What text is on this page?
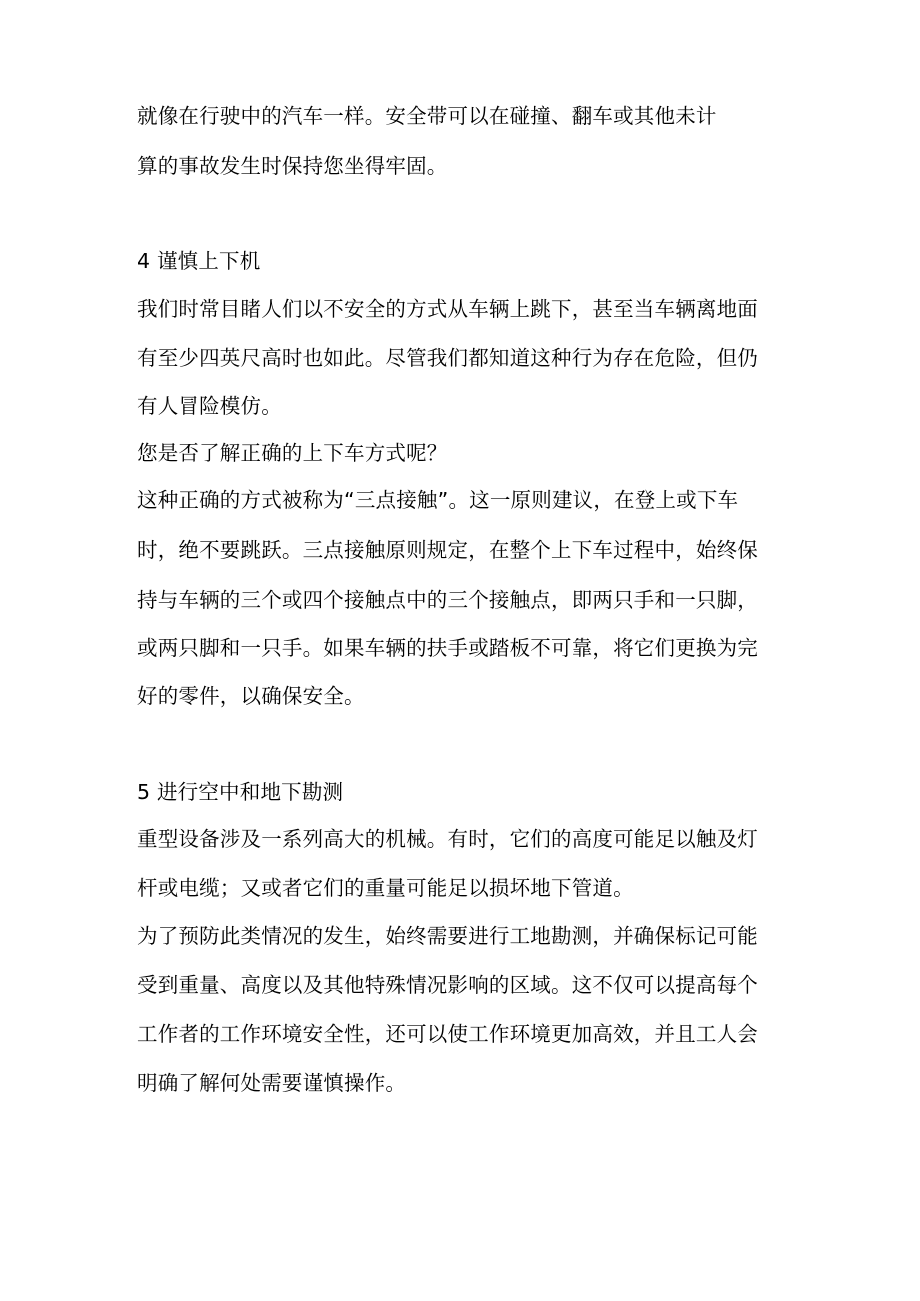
就像在行驶中的汽车一样。安全带可以在碰撞、翻车或其他未计
算的事故发生时保持您坐得牢固。
4 谨慎上下机
我们时常目睹人们以不安全的方式从车辆上跳下，甚至当车辆离地面
有至少四英尺高时也如此。尽管我们都知道这种行为存在危险，但仍
有人冒险模仿。
您是否了解正确的上下车方式呢？
这种正确的方式被称为“三点接触”。这一原则建议，在登上或下车
时，绝不要跳跃。三点接触原则规定，在整个上下车过程中，始终保
持与车辆的三个或四个接触点中的三个接触点，即两只手和一只脚，
或两只脚和一只手。如果车辆的扶手或踏板不可靠，将它们更换为完
好的零件，以确保安全。
5 进行空中和地下勘测
重型设备涉及一系列高大的机械。有时，它们的高度可能足以触及灯
杆或电缆；又或者它们的重量可能足以损坏地下管道。
为了预防此类情况的发生，始终需要进行工地勘测，并确保标记可能
受到重量、高度以及其他特殊情况影响的区域。这不仅可以提高每个
工作者的工作环境安全性，还可以使工作环境更加高效，并且工人会
明确了解何处需要谨慎操作。
